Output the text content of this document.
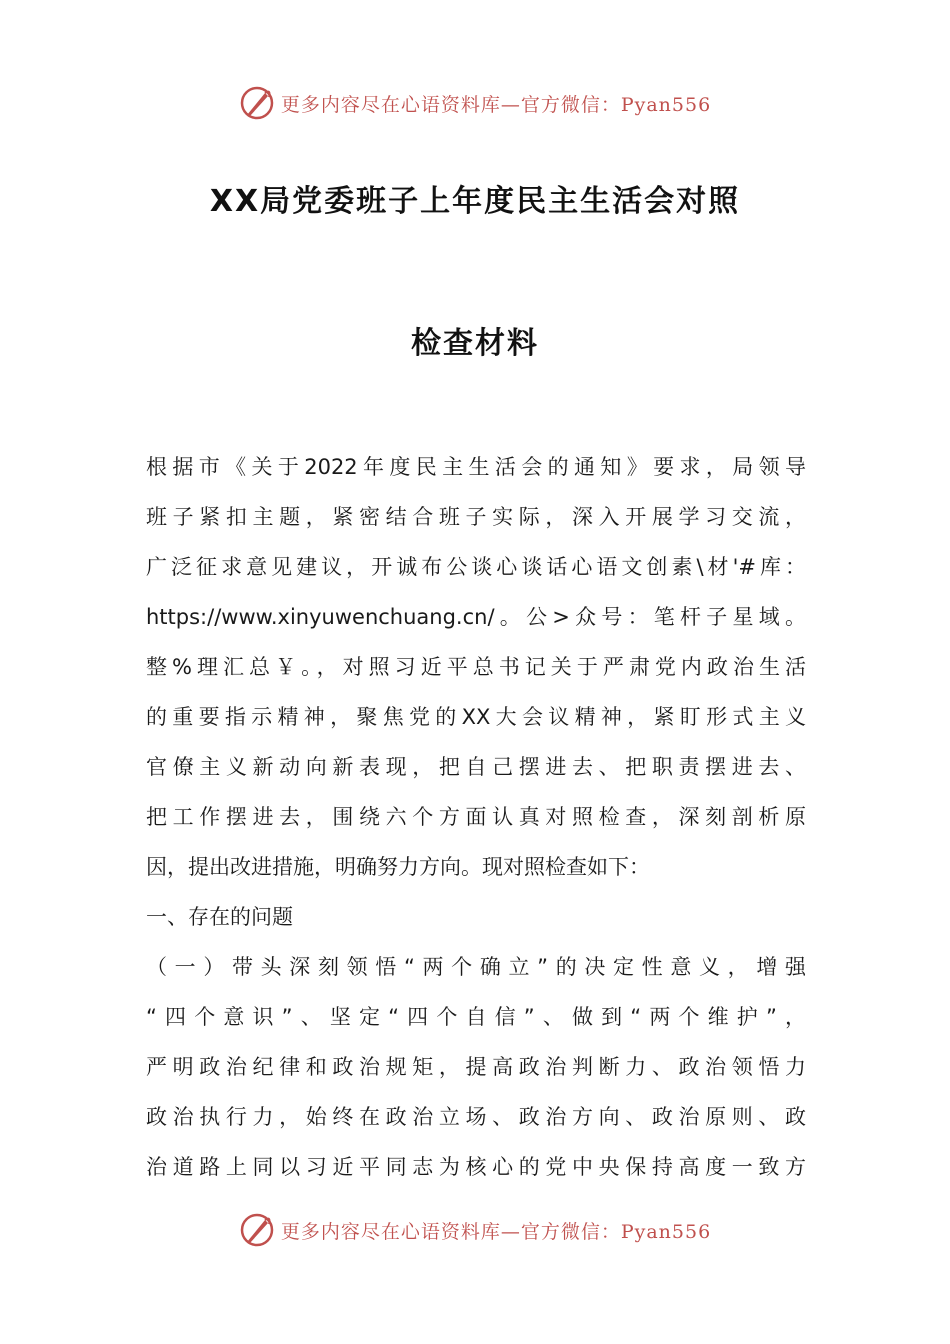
更多内容尽在心语资料库—官方微信：Pyan556
XX局党委班子上年度民主生活会对照
检查材料
根据市《关于2022年度民主生活会的通知》要求，局领导
班子紧扣主题，紧密结合班子实际，深入开展学习交流，
广泛征求意见建议，开诚布公谈心谈话心语文创素\材'#库：
https://www.xinyuwenchuang.cn/。公>众号：笔杆子星域。
整%理汇总￥。，对照习近平总书记关于严肃党内政治生活
的重要指示精神，聚焦党的XX大会议精神，紧盯形式主义
官僚主义新动向新表现，把自己摆进去、把职责摆进去、
把工作摆进去，围绕六个方面认真对照检查，深刻剖析原
因，提出改进措施，明确努力方向。现对照检查如下：
一、存在的问题
（一）带头深刻领悟“两个确立”的决定性意义，增强
“四个意识”、坚定“四个自信”、做到“两个维护”，
严明政治纪律和政治规矩，提高政治判断力、政治领悟力
政治执行力，始终在政治立场、政治方向、政治原则、政
治道路上同以习近平同志为核心的党中央保持高度一致方
更多内容尽在心语资料库—官方微信：Pyan556
